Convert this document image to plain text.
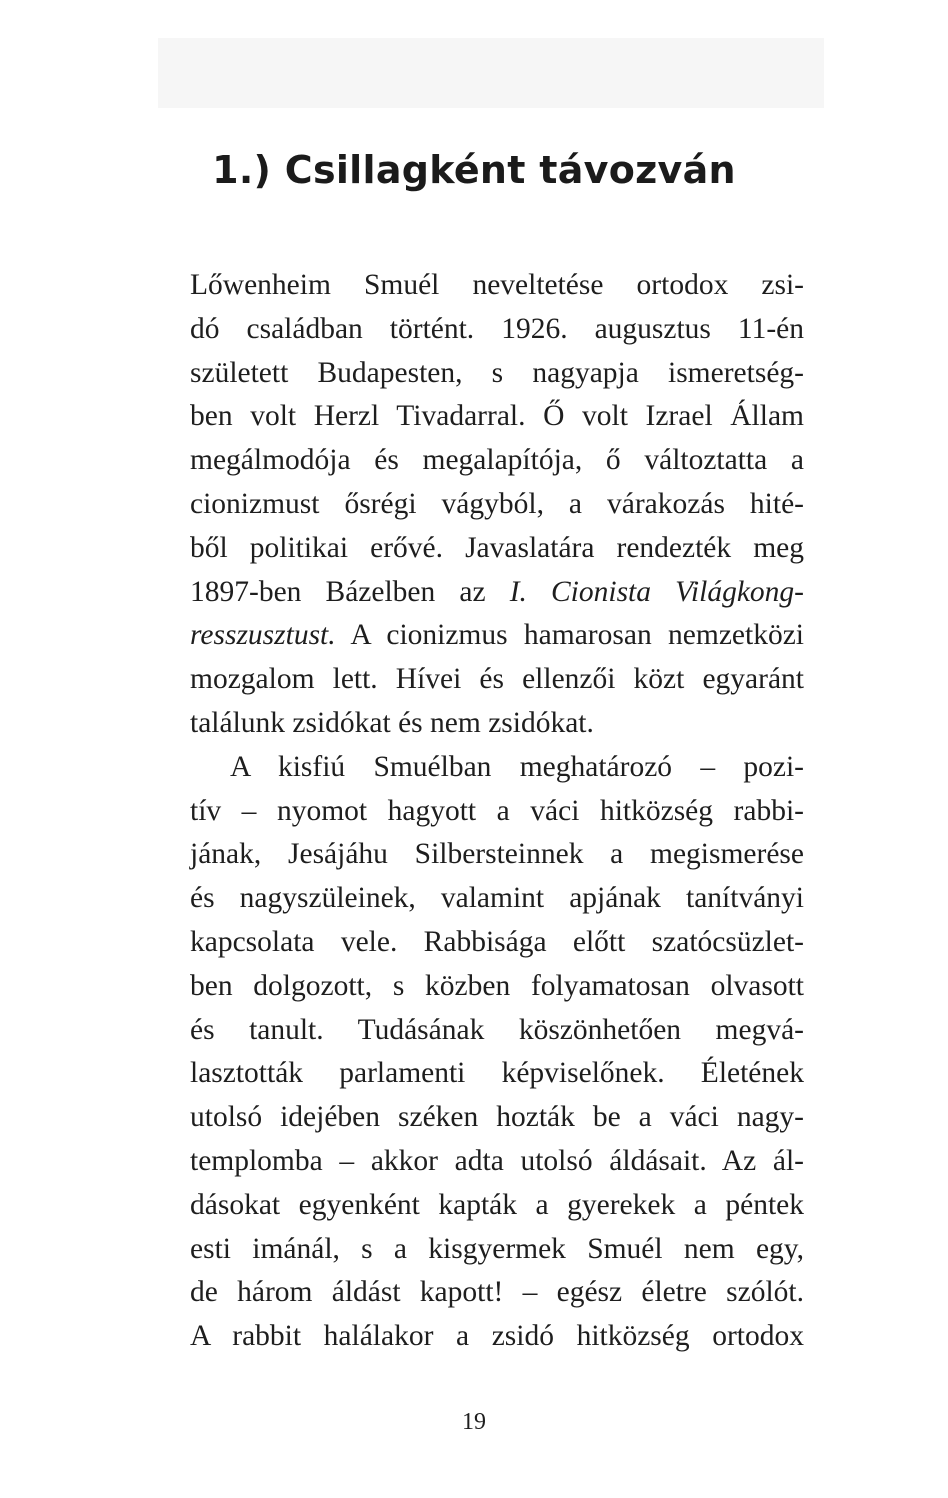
1.) Csillagként távozván
Lőwenheim Smuél neveltetése ortodox zsi-
dó családban történt. 1926. augusztus 11-én
született Budapesten, s nagyapja ismeretség-
ben volt Herzl Tivadarral. Ő volt Izrael Állam
megálmodója és megalapítója, ő változtatta a
cionizmust ősrégi vágyból, a várakozás hité-
ből politikai erővé. Javaslatára rendezték meg
1897-ben Bázelben az I. Cionista Világkong-
resszusztust. A cionizmus hamarosan nemzetközi
mozgalom lett. Hívei és ellenzői közt egyaránt
találunk zsidókat és nem zsidókat.
A kisfiú Smuélban meghatározó – pozi-
tív – nyomot hagyott a váci hitközség rabbi-
jának, Jesájáhu Silbersteinnek a megismerése
és nagyszüleinek, valamint apjának tanítványi
kapcsolata vele. Rabbisága előtt szatócsüzlet-
ben dolgozott, s közben folyamatosan olvasott
és tanult. Tudásának köszönhetően megvá-
lasztották parlamenti képviselőnek. Életének
utolsó idejében széken hozták be a váci nagy-
templomba – akkor adta utolsó áldásait. Az ál-
dásokat egyenként kapták a gyerekek a péntek
esti imánál, s a kisgyermek Smuél nem egy,
de három áldást kapott! – egész életre szólót.
A rabbit halálakor a zsidó hitközség ortodox
19
